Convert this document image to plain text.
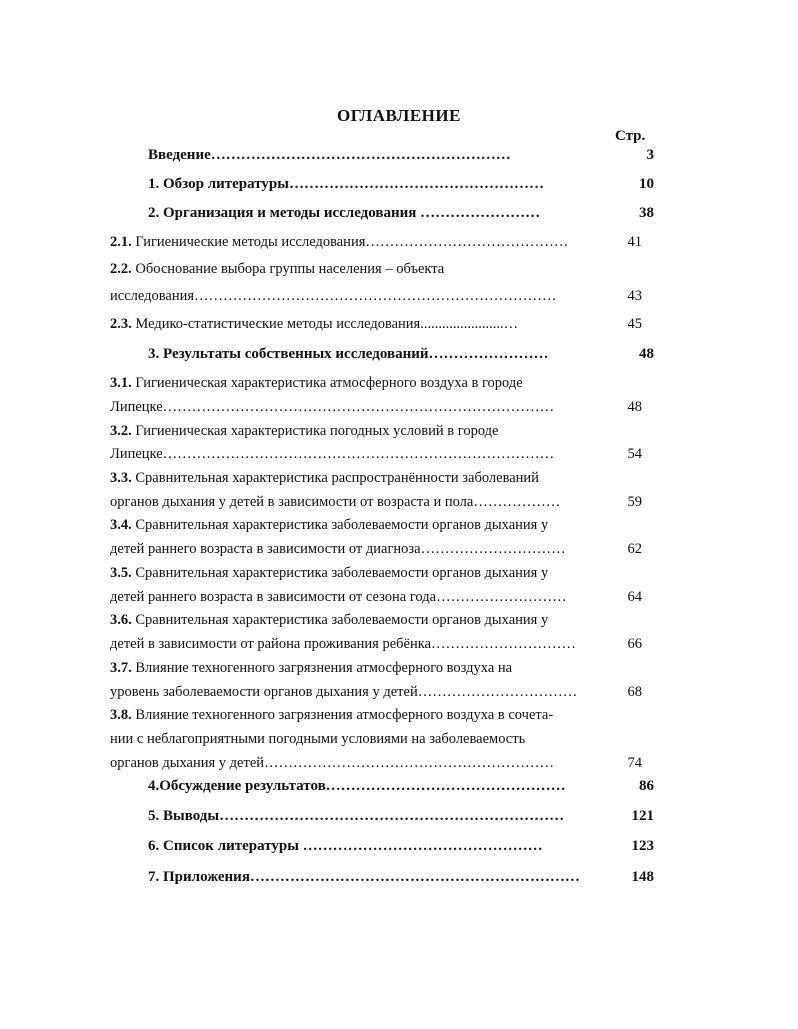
ОГЛАВЛЕНИЕ
Стр.
Введение……………………………………………………	3
1. Обзор литературы……………………………………………	10
2. Организация и методы исследования ……………………	38
2.1. Гигиенические методы исследования……………………………………	41
2.2. Обоснование выбора группы населения – объекта
исследования…………………………………………………………………	43
2.3. Медико-статистические методы исследования.......................…	45
3. Результаты собственных исследований……………………	48
3.1. Гигиеническая характеристика атмосферного воздуха в городе
Липецке………………………………………………………………………	48
3.2. Гигиеническая характеристика погодных условий в городе
Липецке………………………………………………………………………	54
3.3. Сравнительная характеристика распространённости заболеваний
органов дыхания у детей в зависимости от возраста и пола………………	59
3.4. Сравнительная характеристика заболеваемости органов дыхания у
детей раннего возраста в зависимости от диагноза…………………………	62
3.5. Сравнительная характеристика заболеваемости органов дыхания у
детей раннего возраста в зависимости от сезона года………………………	64
3.6. Сравнительная характеристика заболеваемости органов дыхания у
детей в зависимости от района проживания ребёнка…………………………	66
3.7. Влияние техногенного загрязнения атмосферного воздуха на
уровень заболеваемости органов дыхания у детей……………………………	68
3.8. Влияние техногенного загрязнения атмосферного воздуха в сочета-
нии с неблагоприятными погодными условиями на заболеваемость
органов дыхания у детей……………………………………………………	74
4.Обсуждение результатов…………………………………………	86
5. Выводы……………………………………………………………	121
6. Список литературы …………………………………………	123
7. Приложения…………………………………………………………	148
